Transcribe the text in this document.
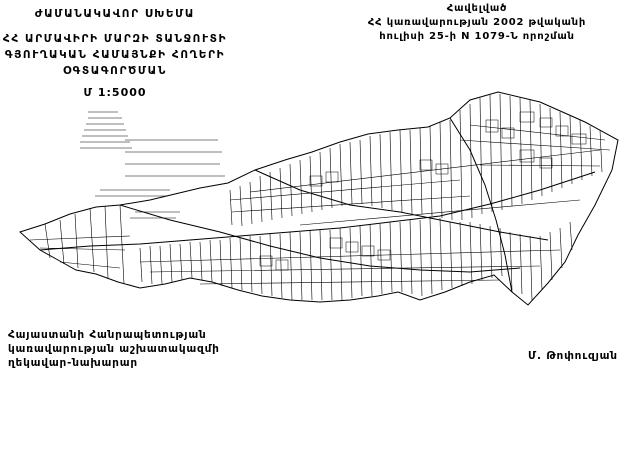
ԺԱՄԱՆԱԿԱՎՈՐ ՍԽԵՄԱ
ՀՀ ԱՐՄԱՎԻՐԻ ՄԱՐԶԻ ՏԱՆՋՈՒՏԻ
ԳՅՈՒՂԱԿԱՆ ՀԱՄԱՅՆՔԻ ՀՈՂԵՐԻ
ՕԳՏԱԳՈՐԾՄԱՆ
Մ 1:5000
Հավելված
ՀՀ կառավարության 2002 թվականի
հուլիսի 25-ի N 1079-Ն որոշման
Հայաստանի Հանրապետության
կառավարության աշխատակազմի
ղեկավար-նախարար
Մ. Թոփուզյան
